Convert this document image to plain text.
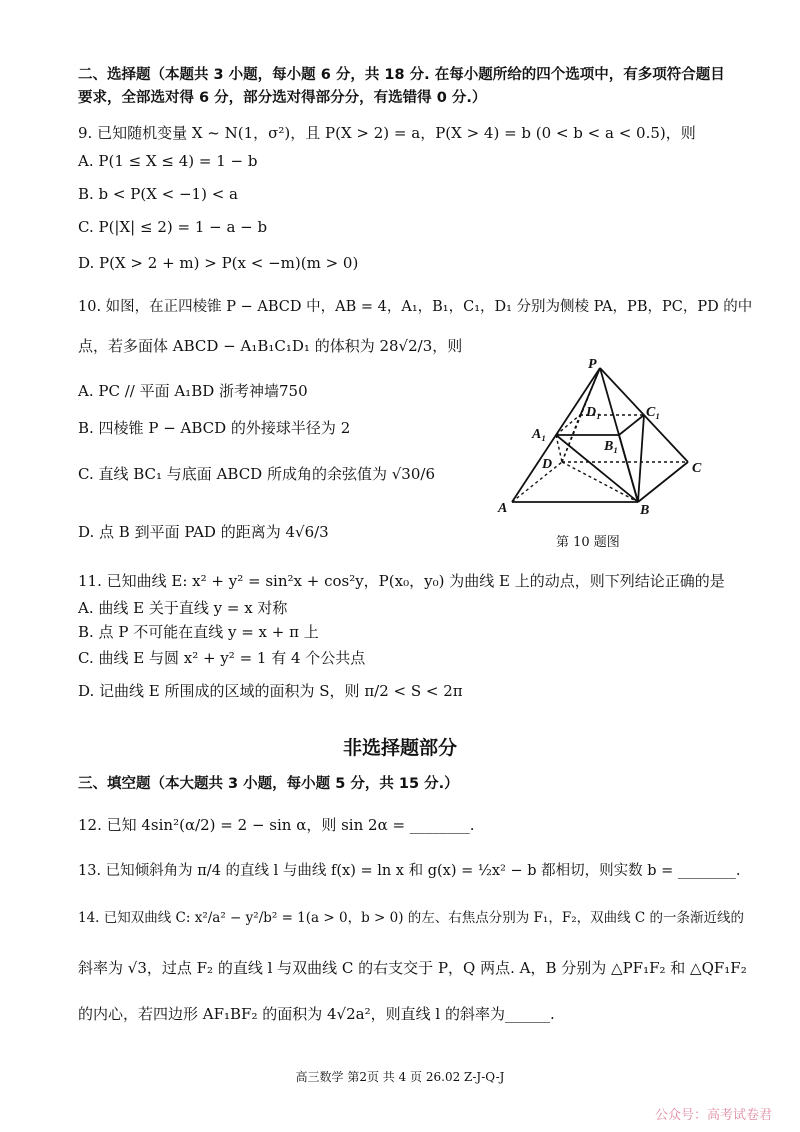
二、选择题（本题共 3 小题，每小题 6 分，共 18 分. 在每小题所给的四个选项中，有多项符合题目
要求，全部选对得 6 分，部分选对得部分分，有选错得 0 分.）
9. 已知随机变量 X ~ N(1，σ²)，且 P(X > 2) = a，P(X > 4) = b (0 < b < a < 0.5)，则
A. P(1 ≤ X ≤ 4) = 1 − b
B. b < P(X < −1) < a
C. P(|X| ≤ 2) = 1 − a − b
D. P(X > 2 + m) > P(x < −m)(m > 0)
10. 如图，在正四棱锥 P − ABCD 中，AB = 4，A₁，B₁，C₁，D₁ 分别为侧棱 PA，PB，PC，PD 的中
点，若多面体 ABCD − A₁B₁C₁D₁ 的体积为 28√2/3，则
A. PC // 平面 A₁BD 浙考神墙750
B. 四棱锥 P − ABCD 的外接球半径为 2
C. 直线 BC₁ 与底面 ABCD 所成角的余弦值为 √30/6
D. 点 B 到平面 PAD 的距离为 4√6/3
P
A₁
B₁
C₁
D₁
A	B
C
D
第 10 题图
11. 已知曲线 E: x² + y² = sin²x + cos²y，P(x₀，y₀) 为曲线 E 上的动点，则下列结论正确的是
A. 曲线 E 关于直线 y = x 对称
B. 点 P 不可能在直线 y = x + π 上
C. 曲线 E 与圆 x² + y² = 1 有 4 个公共点
D. 记曲线 E 所围成的区域的面积为 S，则 π/2 < S < 2π
非选择题部分
三、填空题（本大题共 3 小题，每小题 5 分，共 15 分.）
12. 已知 4sin²(α/2) = 2 − sin α，则 sin 2α = ________.
13. 已知倾斜角为 π/4 的直线 l 与曲线 f(x) = ln x 和 g(x) = ½x² − b 都相切，则实数 b = ________.
14. 已知双曲线 C: x²/a² − y²/b² = 1(a > 0，b > 0) 的左、右焦点分别为 F₁，F₂，双曲线 C 的一条渐近线的
斜率为 √3，过点 F₂ 的直线 l 与双曲线 C 的右支交于 P，Q 两点. A，B 分别为 △PF₁F₂ 和 △QF₁F₂
的内心，若四边形 AF₁BF₂ 的面积为 4√2a²，则直线 l 的斜率为______.
高三数学 第2页 共 4 页 26.02 Z-J-Q-J
公众号：高考试卷君
